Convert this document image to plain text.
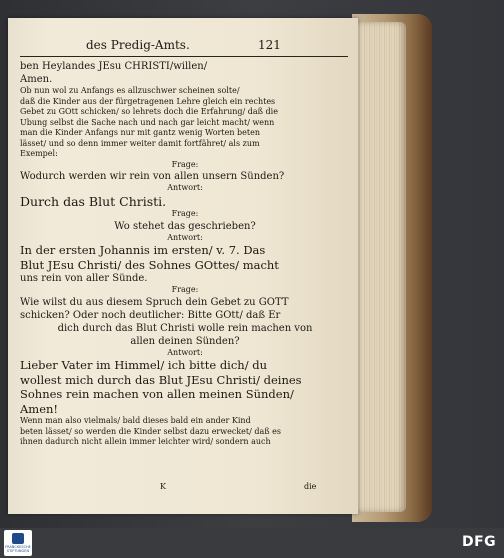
des Predig-Amts.	121
ben Heylandes JEsu CHRISTI/willen/
Amen.
Ob nun wol zu Anfangs es allzuschwer scheinen solte/
daß die Kinder aus der fürgetragenen Lehre gleich ein rechtes
Gebet zu GOtt schicken/ so lehrets doch die Erfahrung/ daß die
Ubung selbst die Sache nach und nach gar leicht macht/ wenn
man die Kinder Anfangs nur mit gantz wenig Worten beten
lässet/ und so denn immer weiter damit fortfähret/ als zum
Exempel:
Frage:
Wodurch werden wir rein von allen unsern Sünden?
Antwort:
Durch das Blut Christi.
Frage:
Wo stehet das geschrieben?
Antwort:
In der ersten Johannis im ersten/ v. 7. Das
Blut JEsu Christi/ des Sohnes GOttes/ macht
uns rein von aller Sünde.
Frage:
Wie wilst du aus diesem Spruch dein Gebet zu GOTT
schicken? Oder noch deutlicher: Bitte GOtt/ daß Er
dich durch das Blut Christi wolle rein machen von
allen deinen Sünden?
Antwort:
Lieber Vater im Himmel/ ich bitte dich/ du
wollest mich durch das Blut JEsu Christi/ deines
Sohnes rein machen von allen meinen Sünden/
Amen!
Wenn man also vielmals/ bald dieses bald ein ander Kind
beten lässet/ so werden die Kinder selbst dazu erwecket/ daß es
ihnen dadurch nicht allein immer leichter wird/ sondern auch
K	die
FRANCKESCHE STIFTUNGEN
DFG
